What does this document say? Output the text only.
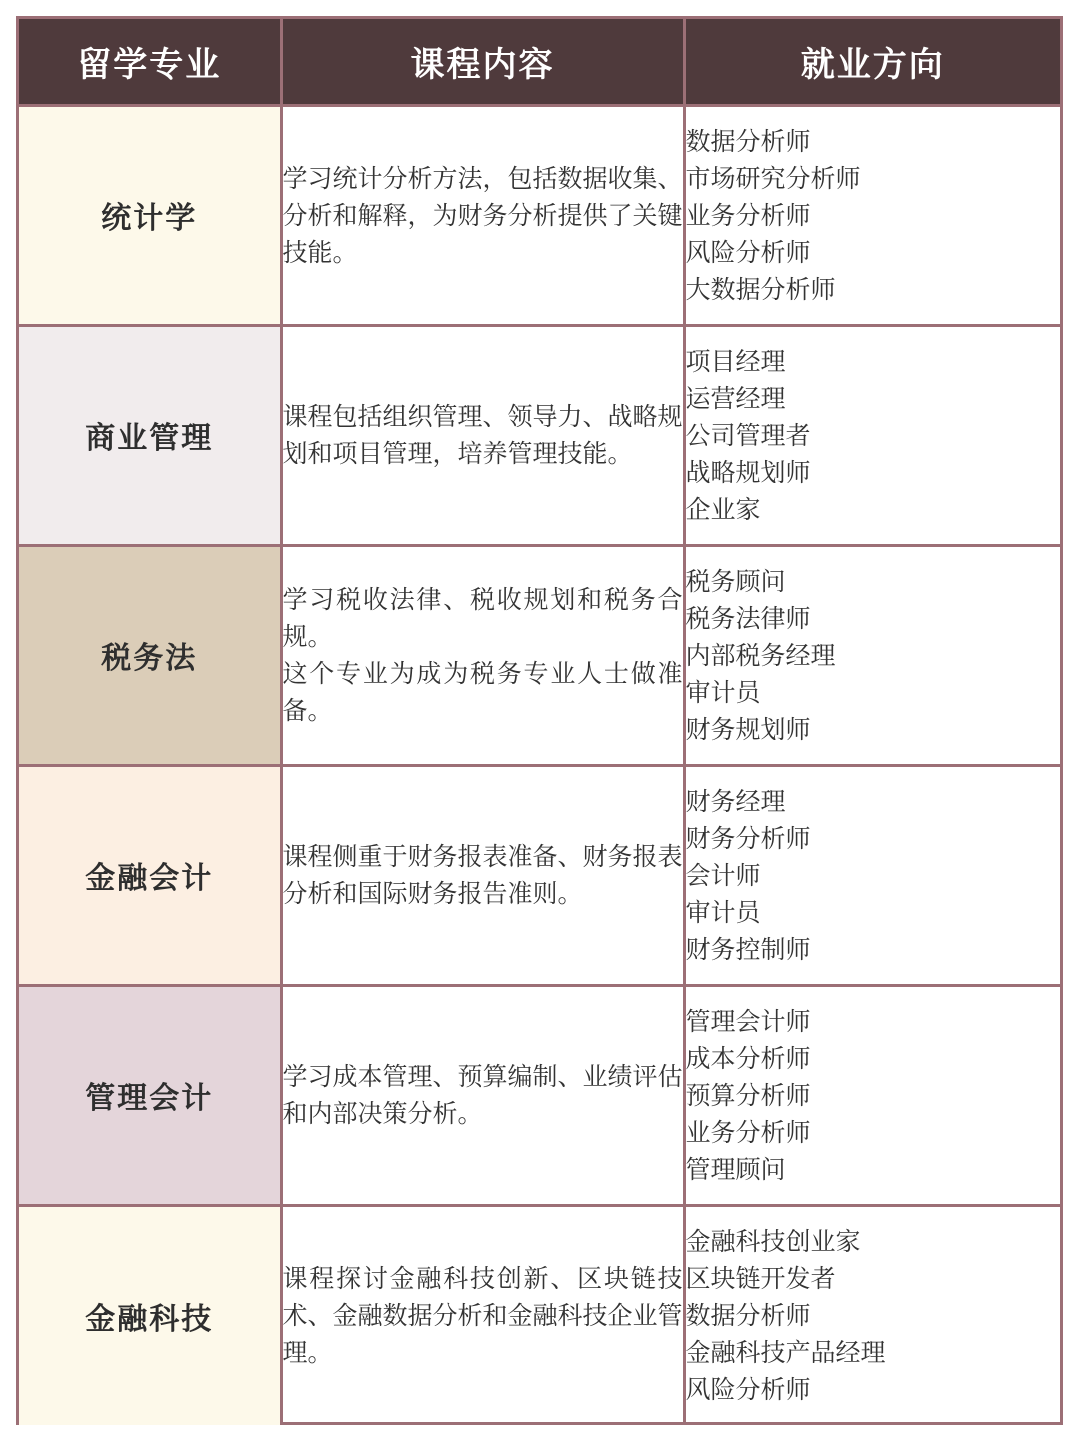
留学专业	课程内容	就业方向
统计学	学习统计分析方法，包括数据收集、分析和解释，为财务分析提供了关键技能。	数据分析师
市场研究分析师
业务分析师
风险分析师
大数据分析师

商业管理	课程包括组织管理、领导力、战略规划和项目管理，培养管理技能。	项目经理
运营经理
公司管理者
战略规划师
企业家

税务法	学习税收法律、税收规划和税务合规。
这个专业为成为税务专业人士做准备。	税务顾问
税务法律师
内部税务经理
审计员
财务规划师

金融会计	课程侧重于财务报表准备、财务报表分析和国际财务报告准则。	财务经理
财务分析师
会计师
审计员
财务控制师

管理会计	学习成本管理、预算编制、业绩评估和内部决策分析。	管理会计师
成本分析师
预算分析师
业务分析师
管理顾问

金融科技	课程探讨金融科技创新、区块链技术、金融数据分析和金融科技企业管理。	金融科技创业家
区块链开发者
数据分析师
金融科技产品经理
风险分析师
